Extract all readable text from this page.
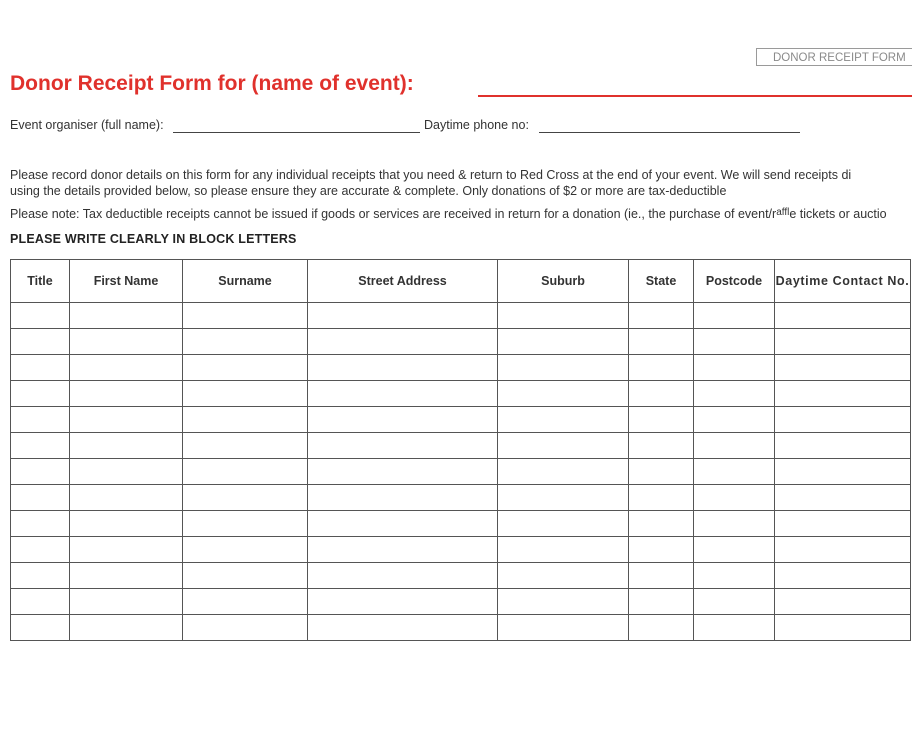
DONOR RECEIPT FORM
Donor Receipt Form for (name of event):
Event organiser (full name):	Daytime phone no:
Please record donor details on this form for any individual receipts that you need & return to Red Cross at the end of your event. We will send receipts di
using the details provided below, so please ensure they are accurate & complete. Only donations of $2 or more are tax-deductible
Please note: Tax deductible receipts cannot be issued if goods or services are received in return for a donation (ie., the purchase of event/$r^{affl}e$ tickets or auctio
PLEASE WRITE CLEARLY IN BLOCK LETTERS
Title	First Name	Surname	Street Address	Suburb	State	Postcode	Daytime Contact No.
